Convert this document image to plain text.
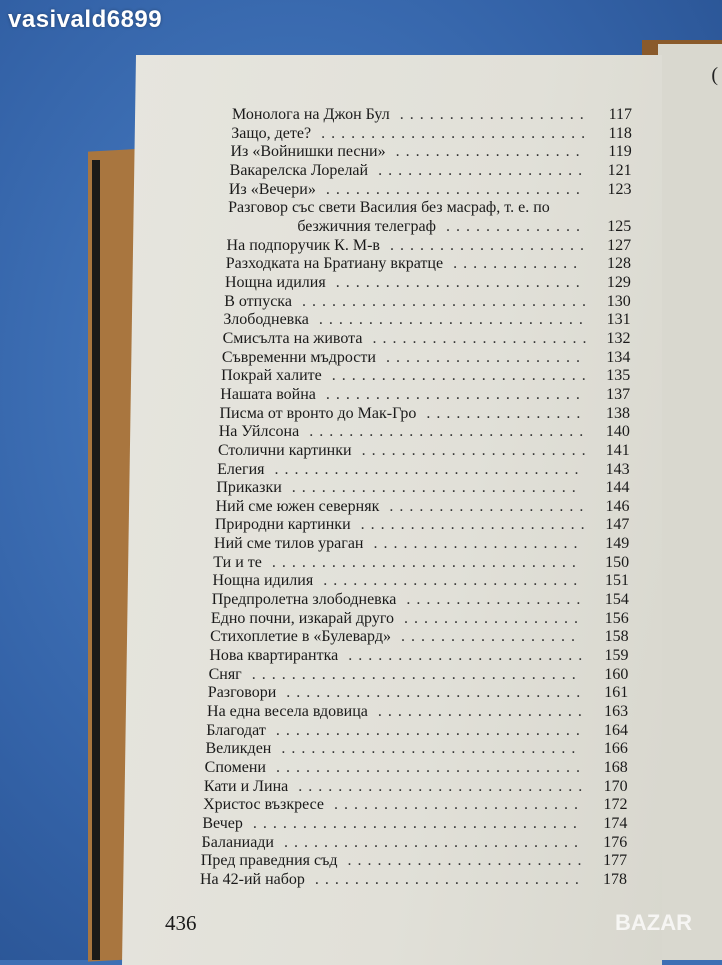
vasivald6899
(
Монолога на Джон Бул ...................	117
Защо, дете? ...........................	118
Из «Войнишки песни» ...................	119
Вакарелска Лорелай .....................	121
Из «Вечери» ..........................	123
Разговор със свети Василия без масраф, т. е. по
безжичния телеграф ..............	125
На подпоручик К. М-в ....................	127
Разходката на Братиану вкратце .............	128
Нощна идилия .........................	129
В отпуска ............................. 130
Злободневка ...........................	131
Смисълта на живота ...................... 132
Съвременни мъдрости ....................	134
Покрай халите .......................... 135
Нашата война ..........................	137
Писма от вронто до Мак-Гро ................	138
На Уйлсона ............................	140
Столични картинки ....................... 141
Елегия ...............................	143
Приказки .............................	144
Ний сме южен северняк ....................	146
Природни картинки ....................... 147
Ний сме тилов ураган .....................	149
Ти и те ...............................	150
Нощна идилия ..........................	151
Предпролетна злободневка ..................	154
Едно почни, изкарай друго ..................	156
Стихоплетие в «Булевард» ..................	158
Нова квартирантка ........................	159
Сняг .................................	160
Разговори ..............................	161
На една весела вдовица .....................	163
Благодат ...............................	164
Великден ..............................	166
Спомени ...............................	168
Кати и Лина ............................. 170
Христос възкресе .........................	172
Вечер .................................	174
Баланиади ..............................	176
Пред праведния съд ........................ 177
На 42-ий набор ...........................	178
436	BAZAR
